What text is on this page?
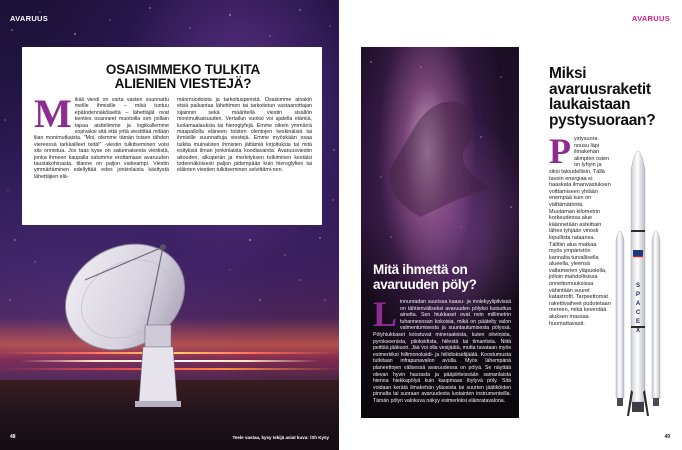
AVARUUS
OSAISIMMEKO TULKITA ALIENIEN VIESTEJÄ?
M ikäli viesti on varta vasten suunnattu meille ihmisille – mikä tuntuu epätodennäköiseltä – lähettäjät ovat kenties osanneet muotoilla sen joillain tapaa aistielimme ja logiikallemme sopivaksi sitä että yritä viestittää mitään liian monimutkaista. "Moi, olemme tämän toisen tähden viereessä tarkkailleet teitä!" -viestin tulkitseminen voisi siis onnistua. Jos taas kyse on satunnaisesta viestistä, jonka ihmeen kaupalla satumme erottamaan avaruuden taustakohinasta, tilanne on paljon vaikeampi. Viestin ymmärtäminen edellyttää edes jonkinlaista käsitystä lähettäjien elä-
mänmuodoista ja tarkoitusperistä. Osaisimme ainakin etsiä paikantaa lähettimen tai tarkoitetun vastaanottajan sijainnin sekä määritellä viestin sisällön monimutkaisuuden. Vertailun vuoksi voi ajatella elämiä, luolamaalauksia tai hieroglyfejä. Emme oikein ymmärrä maapallolla eläneen toisten olentojen keskinäisiä tai ihmisille suunnattuja viestejä. Emme myöskään osaa tulkita muinaisten ihmisten jättämiä kirjoituksia tai mitä esityksiä ilman jonkinlaista koodiavainta. Avaruusviestin aitouden, alkuperän ja merkityksen tutkiminen kestäisi todennäköisesti paljon pidempään kuin hieroglyfien tai eläinten viestien tulkitseminen selvittämi-nen.
48	Teele vastaa, kysy tekijä asiat kuva: /Sh Kysy
AVARUUS
Mitä ihmettä on avaruuden pöly?
L innunradan suurissa kaasu- ja molekyylipilvissä on tähtienväliseksi avaruuden pölyksi kutsuttua ainetta. Sen hiukkaset ovat noin millimetrin tuhannesosan kokoisia, mikä on päätelty valon valmentumisesta ja suuntautumisesta pölyssä. Pölyhiukkaset koostuvat mineraaleista, kuten oliviinista, pyrokseenista, piioksidista, hiilestä tai timantista. Niitä peittää jääkuori. Jää voi olla vesijäätä, mutta tavataan myös esimerkiksi hiilimonoksidi- ja hiilidioksidijäätä. Koostumusta tutkitaan infrapunavalon avulla. Myös lähempänä planeettojen välisessä avaruudessa on pölyä. Se näyttää olevan hyvin haurasta ja pääpiirteissään samanlaista hienoa hiekkapölyä kuin kaupmaas löytyvä pöly. Sitä voidaan kerätä ilmakehän yläosista tai suurten jäätiköiden pinnalta tai suoraan avaruudesta luotainten instrumenteilla. Tämän pölyn valokuva näkyy esimerkiksi eläinratavalona.
Miksi avaruusraketit laukaistaan pystysuoraan?
P ystysuora nousu läpi ilmakehän alimpien osien on lyhyin ja siksi taloudellisin. Tällä tavoin energiaa ei haaskata ilmanvastuksen voittamiseen yhtään enempää kuin on välttämätöntä. Muutaman kilometrin korkeudessa alue käännetään asteittain lähes tyhjään vinosti lopullista rataansa. Tällöin alus matkaa myös ympäristön kannalta turvallisella alueella, yleensä valtamerien yläpuolella, jolloin mahdollisissa onnettomuuksissa vähintään suuret katastrofit. Tarpeettomat rakettivaiheet pudotetaan mereen, mikä keventää aluksen massaa huomattavasti.
SPACEX
49
